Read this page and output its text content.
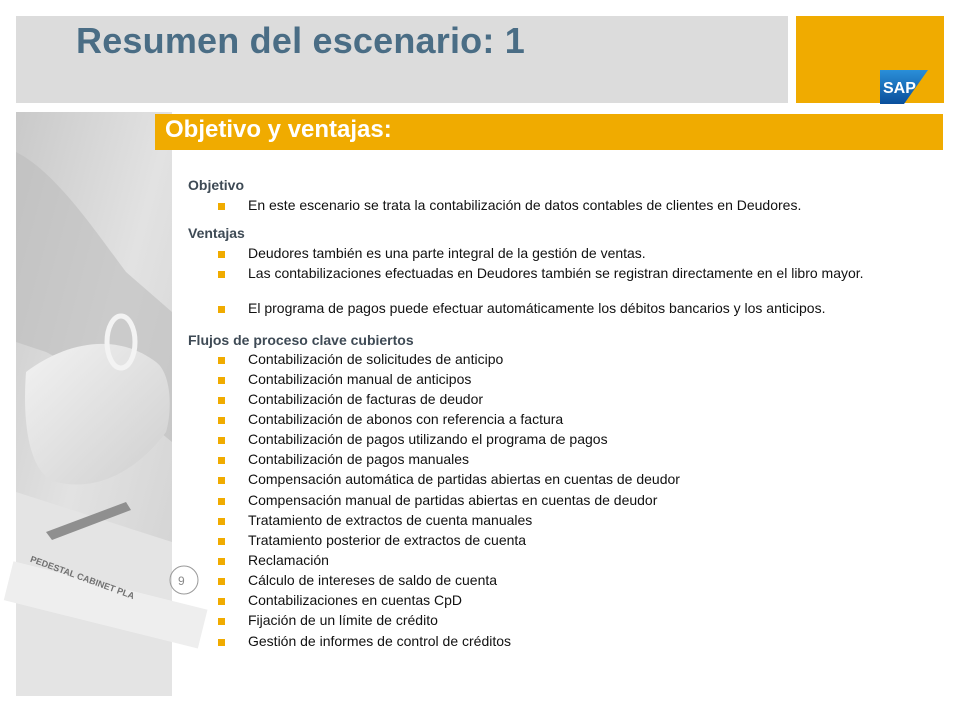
Resumen del escenario: 1
SAP
PEDESTAL CABINET PLA	9
Objetivo y ventajas:
Objetivo
En este escenario se trata la contabilización de datos contables de clientes en Deudores.
Ventajas
Deudores también es una parte integral de la gestión de ventas.
Las contabilizaciones efectuadas en Deudores también se registran directamente en el libro mayor.
El programa de pagos puede efectuar automáticamente los débitos bancarios y los anticipos.
Flujos de proceso clave cubiertos
Contabilización de solicitudes de anticipo
Contabilización manual de anticipos
Contabilización de facturas de deudor
Contabilización de abonos con referencia a factura
Contabilización de pagos utilizando el programa de pagos
Contabilización de pagos manuales
Compensación automática de partidas abiertas en cuentas de deudor
Compensación manual de partidas abiertas en cuentas de deudor
Tratamiento de extractos de cuenta manuales
Tratamiento posterior de extractos de cuenta
Reclamación
Cálculo de intereses de saldo de cuenta
Contabilizaciones en cuentas CpD
Fijación de un límite de crédito
Gestión de informes de control de créditos
